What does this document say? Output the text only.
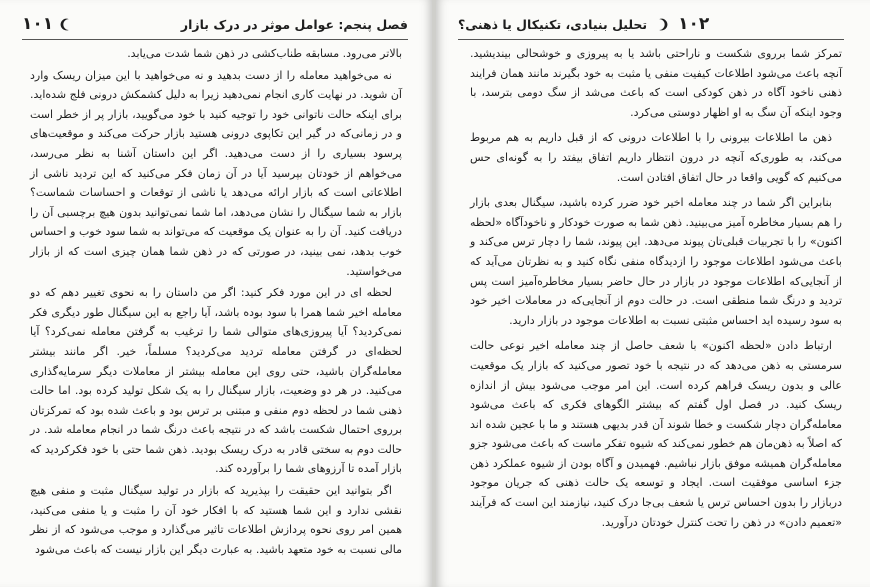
فصل پنجم: عوامل موثر در درک بازار
۱۰۱

بالاتر می‌رود. مسابقه طناب‌کشی در ذهن شما شدت می‌یابد.

نه می‌خواهید معامله را از دست بدهید و نه می‌خواهید با این میزان ریسک وارد آن شوید. در نهایت کاری انجام نمی‌دهید زیرا به دلیل کشمکش درونی فلج شده‌اید. برای اینکه حالت ناتوانی خود را توجیه کنید با خود می‌گویید، بازار پر از خطر است و در زمانی‌که در گیر این تکاپوی درونی هستید بازار حرکت می‌کند و موقعیت‌های پرسود بسیاری را از دست می‌دهید. اگر این داستان آشنا به نظر می‌رسد، می‌خواهم از خودتان بپرسید آیا در آن زمان فکر می‌کنید که این تردید ناشی از اطلاعاتی است که بازار ارائه می‌دهد یا ناشی از توقعات و احساسات شماست؟ بازار به شما سیگنال را نشان می‌دهد، اما شما نمی‌توانید بدون هیچ برچسبی آن را دریافت کنید. آن را به عنوان یک موقعیت که می‌تواند به شما سود خوب و احساس خوب بدهد، نمی بینید، در صورتی که در ذهن شما همان چیزی است که از بازار می‌خواستید.

لحظه ای در این مورد فکر کنید: اگر من داستان را به نحوی تغییر دهم که دو معامله اخیر شما همرا با سود بوده باشد، آیا راجع به این سیگنال طور دیگری فکر نمی‌کردید؟ آیا پیروزی‌های متوالی شما را ترغیب به گرفتن معامله نمی‌کرد؟ آیا لحظه‌ای در گرفتن معامله تردید می‌کردید؟ مسلماً، خیر. اگر مانند بیشتر معامله‌گران باشید، حتی روی این معامله بیشتر از معاملات دیگر سرمایه‌گذاری می‌کنید. در هر دو وضعیت، بازار سیگنال را به یک شکل تولید کرده بود. اما حالت ذهنی شما در لحظه دوم منفی و مبتنی بر ترس بود و باعث شده بود که تمرکزتان برروی احتمال شکست باشد که در نتیجه باعث درنگ شما در انجام معامله شد. در حالت دوم به سختی قادر به درک ریسک بودید. ذهن شما حتی با خود فکرکردید که بازار آمده تا آرزوهای شما را برآورده کند.

اگر بتوانید این حقیقت را بپذیرید که بازار در تولید سیگنال مثبت و منفی هیچ نقشی ندارد و این شما هستید که با افکار خود آن را مثبت و یا منفی می‌کنید، همین امر روی نحوه پردازش اطلاعات تاثیر می‌گذارد و موجب می‌شود که از نظر مالی نسبت به خود متعهد باشید. به عبارت دیگر این بازار نیست که باعث می‌شود

۱۰۲
تحلیل بنیادی، تکنیکال یا ذهنی؟

تمرکز شما برروی شکست و ناراحتی باشد یا به پیروزی و خوشحالی بیندیشید. آنچه باعث می‌شود اطلاعات کیفیت منفی یا مثبت به خود بگیرند مانند همان فرایند ذهنی ناخود آگاه در ذهن کودکی است که باعث می‌شد از سگ دومی بترسد، با وجود اینکه آن سگ به او اظهار دوستی می‌کرد.

ذهن ما اطلاعات بیرونی را با اطلاعات درونی که از قبل داریم به هم مربوط می‌کند، به طوری‌که آنچه در درون انتظار داریم اتفاق بیفتد را به گونه‌ای حس می‌کنیم که گویی واقعا در حال اتفاق افتادن است.

بنابراین اگر شما در چند معامله اخیر خود ضرر کرده باشید، سیگنال بعدی بازار را هم بسیار مخاطره آمیز می‌بینید. ذهن شما به صورت خودکار و ناخودآگاه «لحظه اکنون» را با تجربیات قبلی‌تان پیوند می‌دهد. این پیوند، شما را دچار ترس می‌کند و باعث می‌شود اطلاعات موجود را ازدیدگاه منفی نگاه کنید و به نظرتان می‌آید که از آنجایی‌که اطلاعات موجود در بازار در حال حاضر بسیار مخاطره‌آمیز است پس تردید و درنگ شما منطقی است. در حالت دوم از آنجایی‌که در معاملات اخیر خود به سود رسیده اید احساس مثبتی نسبت به اطلاعات موجود در بازار دارید.

ارتباط دادن «لحظه اکنون» با شعف حاصل از چند معامله اخیر نوعی حالت سرمستی به ذهن می‌دهد که در نتیجه با خود تصور می‌کنید که بازار یک موقعیت عالی و بدون ریسک فراهم کرده است. این امر موجب می‌شود بیش از اندازه ریسک کنید. در فصل اول گفتم که بیشتر الگوهای فکری که باعث می‌شود معامله‌گران دچار شکست و خطا شوند آن قدر بدیهی هستند و ما با عجین شده اند که اصلاً به ذهن‌مان هم خطور نمی‌کند که شیوه تفکر ماست که باعث می‌شود جزو معامله‌گران همیشه موفق بازار نباشیم. فهمیدن و آگاه بودن از شیوه عملکرد ذهن جزء اساسی موفقیت است. ایجاد و توسعه یک حالت ذهنی که جریان موجود دربازار را بدون احساس ترس یا شعف بی‌جا درک کنید، نیازمند این است که فرآیند «تعمیم دادن» در ذهن را تحت کنترل خودتان درآورید.
